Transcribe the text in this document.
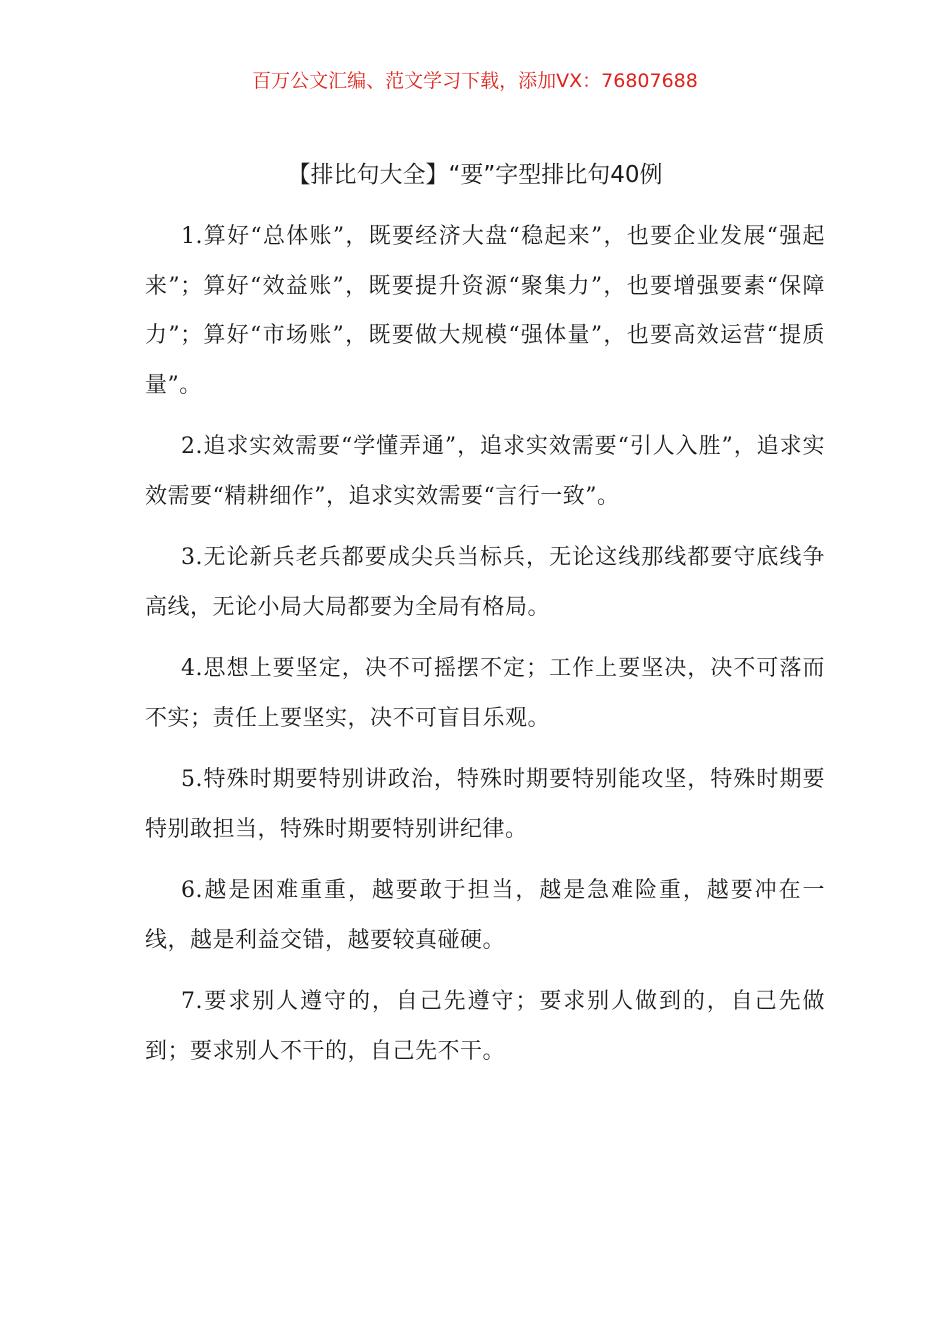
百万公文汇编、范文学习下载，添加VX：76807688
【排比句大全】“要”字型排比句40例

1.算好“总体账”，既要经济大盘“稳起来”，也要企业发展“强起来”；算好“效益账”，既要提升资源“聚集力”，也要增强要素“保障力”；算好“市场账”，既要做大规模“强体量”，也要高效运营“提质量”。

2.追求实效需要“学懂弄通”，追求实效需要“引人入胜”，追求实效需要“精耕细作”，追求实效需要“言行一致”。

3.无论新兵老兵都要成尖兵当标兵，无论这线那线都要守底线争高线，无论小局大局都要为全局有格局。

4.思想上要坚定，决不可摇摆不定；工作上要坚决，决不可落而不实；责任上要坚实，决不可盲目乐观。

5.特殊时期要特别讲政治，特殊时期要特别能攻坚，特殊时期要特别敢担当，特殊时期要特别讲纪律。

6.越是困难重重，越要敢于担当，越是急难险重，越要冲在一线，越是利益交错，越要较真碰硬。

7.要求别人遵守的，自己先遵守；要求别人做到的，自己先做到；要求别人不干的，自己先不干。
